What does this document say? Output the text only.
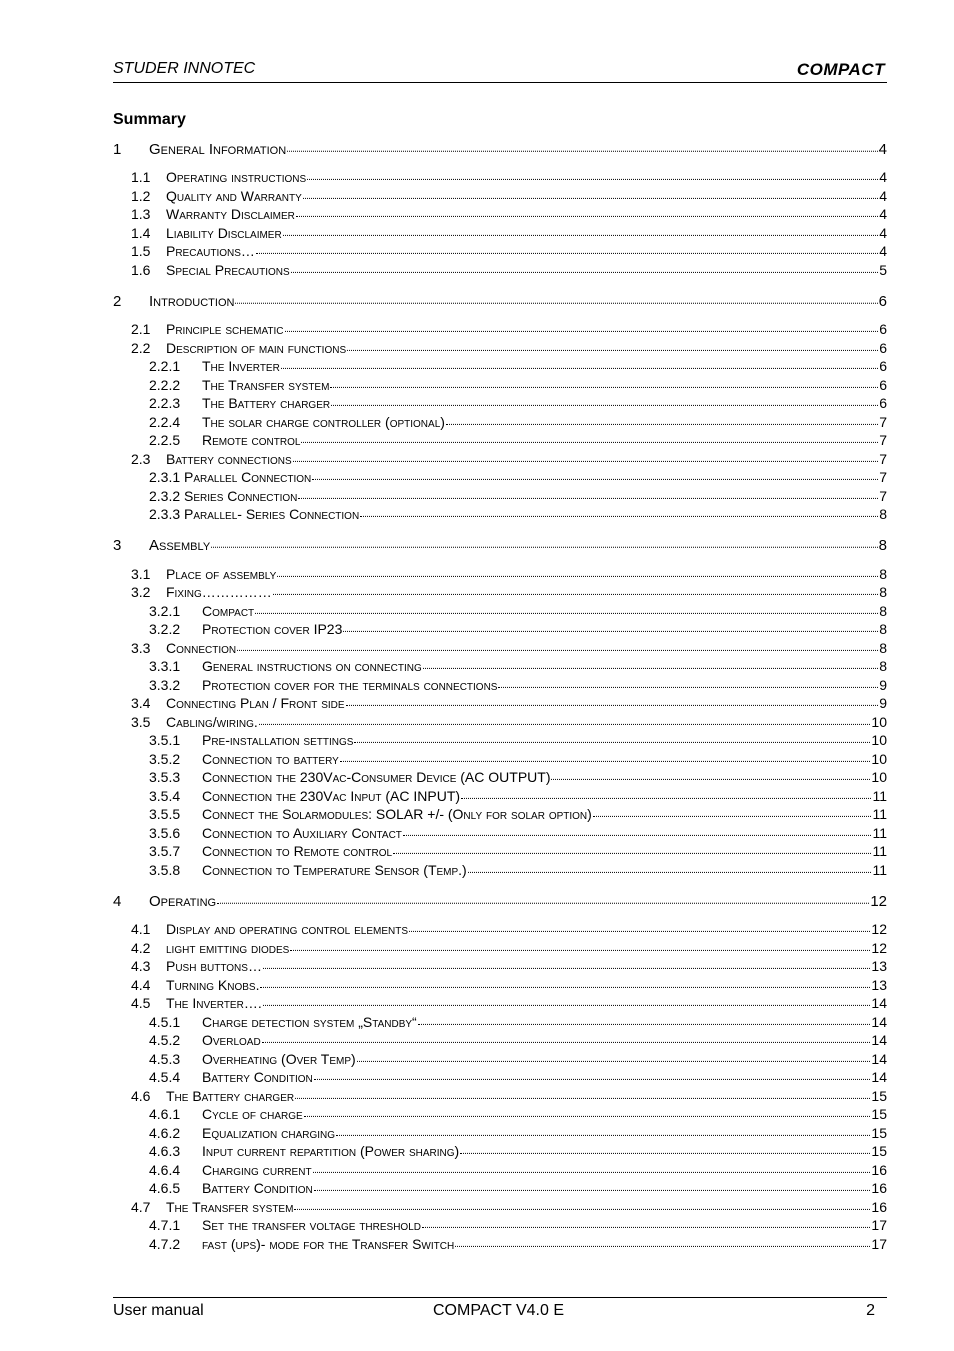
STUDER INNOTEC	COMPACT
Summary
1	General Information	4
1.1	Operating instructions	4
1.2	Quality and Warranty	4
1.3	Warranty Disclaimer	4
1.4	Liability Disclaimer	4
1.5	Precautions…	4
1.6	Special Precautions	5
2	Introduction	6
2.1	Principle schematic	6
2.2	Description of main functions	6
2.2.1	The Inverter	6
2.2.2	The Transfer system	6
2.2.3	The Battery charger	6
2.2.4	The solar charge controller (optional)	7
2.2.5	Remote control	7
2.3	Battery connections	7
2.3.1 Parallel Connection	7
2.3.2 Series Connection	7
2.3.3 Parallel- Series Connection	8
3	Assembly	8
3.1	Place of assembly	8
3.2	Fixing……………	8
3.2.1	Compact	8
3.2.2	Protection cover IP23	8
3.3	Connection	8
3.3.1	General instructions on connecting	8
3.3.2	Protection cover for the terminals connections	9
3.4	Connecting Plan / Front side	9
3.5	Cabling/wiring.	10
3.5.1	Pre-installation settings	10
3.5.2	Connection to battery	10
3.5.3	Connection the 230Vac-Consumer Device (AC OUTPUT)	10
3.5.4	Connection the 230Vac Input (AC INPUT)	11
3.5.5	Connect the Solarmodules: SOLAR +/- (Only for solar option)	11
3.5.6	Connection to Auxiliary Contact	11
3.5.7	Connection to Remote control	11
3.5.8	Connection to Temperature Sensor (Temp.)	11
4	Operating	12
4.1	Display and operating control elements	12
4.2	light emitting diodes	12
4.3	Push buttons…	13
4.4	Turning Knobs.	13
4.5	The Inverter….	14
4.5.1	Charge detection system „Standby“	14
4.5.2	Overload	14
4.5.3	Overheating (Over Temp)	14
4.5.4	Battery Condition	14
4.6	The Battery charger	15
4.6.1	Cycle of charge	15
4.6.2	Equalization charging	15
4.6.3	Input current repartition (Power sharing)	15
4.6.4	Charging current	16
4.6.5	Battery Condition	16
4.7	The Transfer system	16
4.7.1	Set the transfer voltage threshold	17
4.7.2	fast (ups)- mode for the Transfer Switch	17
User manual	COMPACT V4.0 E	2
